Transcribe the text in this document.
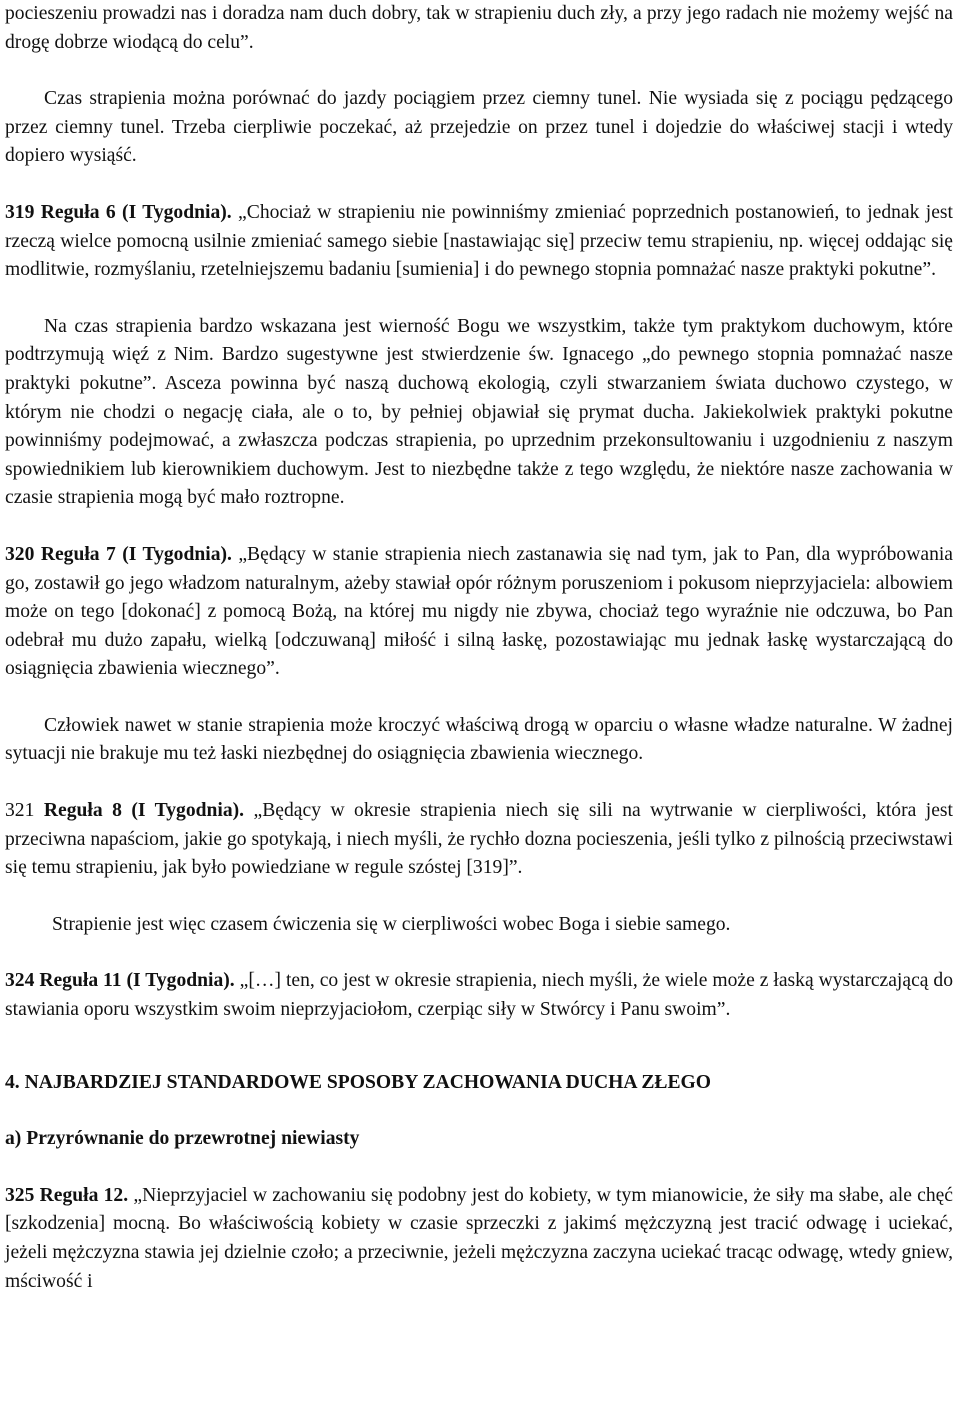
pocieszeniu prowadzi nas i doradza nam duch dobry, tak w strapieniu duch zły, a przy jego radach nie możemy wejść na drogę dobrze wiodącą do celu”.

Czas strapienia można porównać do jazdy pociągiem przez ciemny tunel. Nie wysiada się z pociągu pędzącego przez ciemny tunel. Trzeba cierpliwie poczekać, aż przejedzie on przez tunel i dojedzie do właściwej stacji i wtedy dopiero wysiąść.

319 Reguła 6 (I Tygodnia). „Chociaż w strapieniu nie powinniśmy zmieniać poprzednich postanowień, to jednak jest rzeczą wielce pomocną usilnie zmieniać samego siebie [nastawiając się] przeciw temu strapieniu, np. więcej oddając się modlitwie, rozmyślaniu, rzetelniejszemu badaniu [sumienia] i do pewnego stopnia pomnażać nasze praktyki pokutne”.

Na czas strapienia bardzo wskazana jest wierność Bogu we wszystkim, także tym praktykom duchowym, które podtrzymują więź z Nim. Bardzo sugestywne jest stwierdzenie św. Ignacego „do pewnego stopnia pomnażać nasze praktyki pokutne”. Asceza powinna być naszą duchową ekologią, czyli stwarzaniem świata duchowo czystego, w którym nie chodzi o negację ciała, ale o to, by pełniej objawiał się prymat ducha. Jakiekolwiek praktyki pokutne powinniśmy podejmować, a zwłaszcza podczas strapienia, po uprzednim przekonsultowaniu i uzgodnieniu z naszym spowiednikiem lub kierownikiem duchowym. Jest to niezbędne także z tego względu, że niektóre nasze zachowania w czasie strapienia mogą być mało roztropne.

320 Reguła 7 (I Tygodnia). „Będący w stanie strapienia niech zastanawia się nad tym, jak to Pan, dla wypróbowania go, zostawił go jego władzom naturalnym, ażeby stawiał opór różnym poruszeniom i pokusom nieprzyjaciela: albowiem może on tego [dokonać] z pomocą Bożą, na której mu nigdy nie zbywa, chociaż tego wyraźnie nie odczuwa, bo Pan odebrał mu dużo zapału, wielką [odczuwaną] miłość i silną łaskę, pozostawiając mu jednak łaskę wystarczającą do osiągnięcia zbawienia wiecznego”.

Człowiek nawet w stanie strapienia może kroczyć właściwą drogą w oparciu o własne władze naturalne. W żadnej sytuacji nie brakuje mu też łaski niezbędnej do osiągnięcia zbawienia wiecznego.

321 Reguła 8 (I Tygodnia). „Będący w okresie strapienia niech się sili na wytrwanie w cierpliwości, która jest przeciwna napaściom, jakie go spotykają, i niech myśli, że rychło dozna pocieszenia, jeśli tylko z pilnością przeciwstawi się temu strapieniu, jak było powiedziane w regule szóstej [319]”.

Strapienie jest więc czasem ćwiczenia się w cierpliwości wobec Boga i siebie samego.

324 Reguła 11 (I Tygodnia). „[…] ten, co jest w okresie strapienia, niech myśli, że wiele może z łaską wystarczającą do stawiania oporu wszystkim swoim nieprzyjaciołom, czerpiąc siły w Stwórcy i Panu swoim”.

4. NAJBARDZIEJ STANDARDOWE SPOSOBY ZACHOWANIA DUCHA ZŁEGO
a) Przyrównanie do przewrotnej niewiasty

325 Reguła 12. „Nieprzyjaciel w zachowaniu się podobny jest do kobiety, w tym mianowicie, że siły ma słabe, ale chęć [szkodzenia] mocną. Bo właściwością kobiety w czasie sprzeczki z jakimś mężczyzną jest tracić odwagę i uciekać, jeżeli mężczyzna stawia jej dzielnie czoło; a przeciwnie, jeżeli mężczyzna zaczyna uciekać tracąc odwagę, wtedy gniew, mściwość i
